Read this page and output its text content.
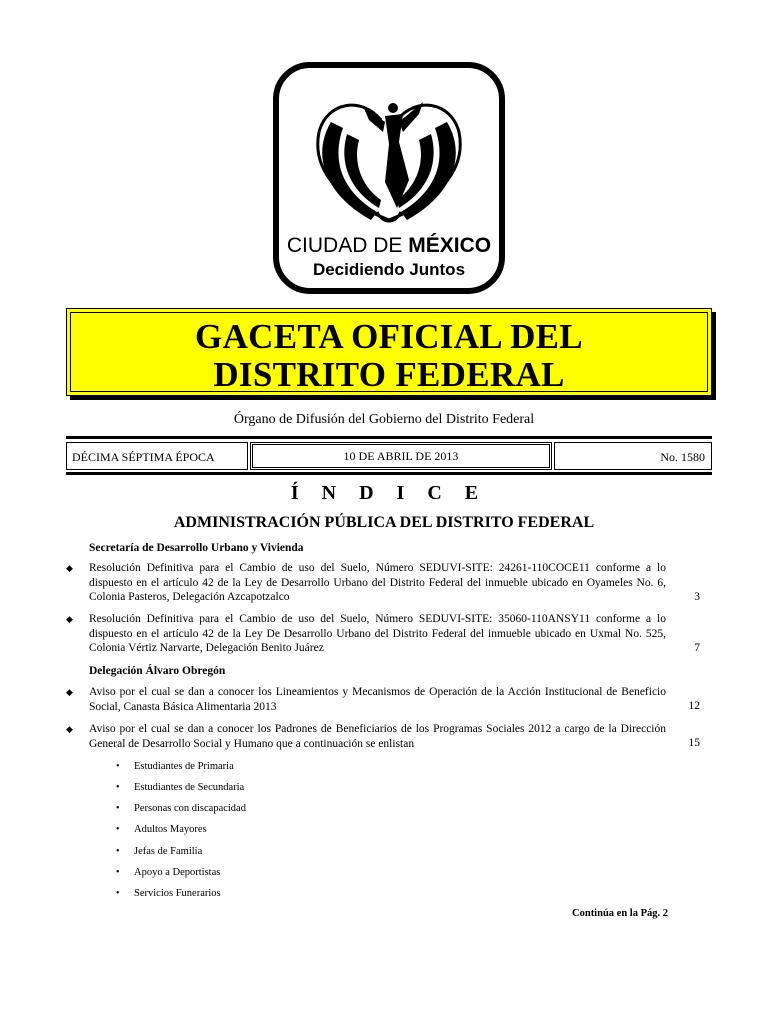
CIUDAD DE MÉXICO
Decidiendo Juntos
GACETA OFICIAL DEL
DISTRITO FEDERAL
Órgano de Difusión del Gobierno del Distrito Federal
DÉCIMA SÉPTIMA ÉPOCA	10 DE ABRIL DE 2013	No. 1580
Í N D I C E
ADMINISTRACIÓN PÚBLICA DEL DISTRITO FEDERAL
Secretaría de Desarrollo Urbano y Vivienda
◆ Resolución Definitiva para el Cambio de uso del Suelo, Número SEDUVI-SITE: 24261-110COCE11 conforme a lo dispuesto en el artículo 42 de la Ley de Desarrollo Urbano del Distrito Federal del inmueble ubicado en Oyameles No. 6, Colonia Pasteros, Delegación Azcapotzalco	3
◆ Resolución Definitiva para el Cambio de uso del Suelo, Número SEDUVI-SITE: 35060-110ANSY11 conforme a lo dispuesto en el artículo 42 de la Ley De Desarrollo Urbano del Distrito Federal del inmueble ubicado en Uxmal No. 525, Colonia Vértiz Narvarte, Delegación Benito Juárez	7
Delegación Álvaro Obregón
◆ Aviso por el cual se dan a conocer los Lineamientos y Mecanismos de Operación de la Acción Institucional de Beneficio Social, Canasta Básica Alimentaria 2013	12
◆ Aviso por el cual se dan a conocer los Padrones de Beneficiarios de los Programas Sociales 2012 a cargo de la Dirección General de Desarrollo Social y Humano que a continuación se enlistan	15
• Estudiantes de Primaria
• Estudiantes de Secundaria
• Personas con discapacidad
• Adultos Mayores
• Jefas de Familia
• Apoyo a Deportistas
• Servicios Funerarios
Continúa en la Pág. 2
